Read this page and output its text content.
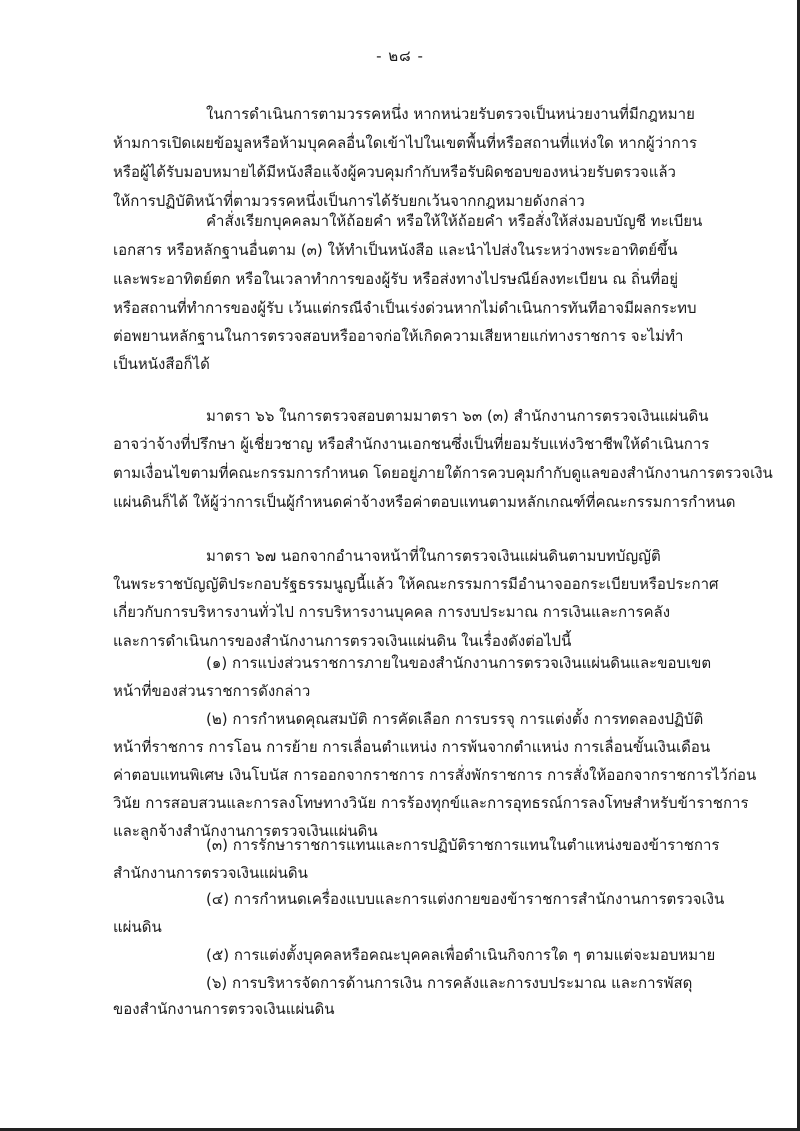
- ๒๘ -
ในการดำเนินการตามวรรคหนึ่ง หากหน่วยรับตรวจเป็นหน่วยงานที่มีกฎหมาย
ห้ามการเปิดเผยข้อมูลหรือห้ามบุคคลอื่นใดเข้าไปในเขตพื้นที่หรือสถานที่แห่งใด หากผู้ว่าการ
หรือผู้ได้รับมอบหมายได้มีหนังสือแจ้งผู้ควบคุมกำกับหรือรับผิดชอบของหน่วยรับตรวจแล้ว
ให้การปฏิบัติหน้าที่ตามวรรคหนึ่งเป็นการได้รับยกเว้นจากกฎหมายดังกล่าว
คำสั่งเรียกบุคคลมาให้ถ้อยคำ หรือให้ให้ถ้อยคำ หรือสั่งให้ส่งมอบบัญชี ทะเบียน
เอกสาร หรือหลักฐานอื่นตาม (๓) ให้ทำเป็นหนังสือ และนำไปส่งในระหว่างพระอาทิตย์ขึ้น
และพระอาทิตย์ตก หรือในเวลาทำการของผู้รับ หรือส่งทางไปรษณีย์ลงทะเบียน ณ ถิ่นที่อยู่
หรือสถานที่ทำการของผู้รับ เว้นแต่กรณีจำเป็นเร่งด่วนหากไม่ดำเนินการทันทีอาจมีผลกระทบ
ต่อพยานหลักฐานในการตรวจสอบหรืออาจก่อให้เกิดความเสียหายแก่ทางราชการ จะไม่ทำ
เป็นหนังสือก็ได้
มาตรา ๖๖ ในการตรวจสอบตามมาตรา ๖๓ (๓) สำนักงานการตรวจเงินแผ่นดิน
อาจว่าจ้างที่ปรึกษา ผู้เชี่ยวชาญ หรือสำนักงานเอกชนซึ่งเป็นที่ยอมรับแห่งวิชาชีพให้ดำเนินการ
ตามเงื่อนไขตามที่คณะกรรมการกำหนด โดยอยู่ภายใต้การควบคุมกำกับดูแลของสำนักงานการตรวจเงิน
แผ่นดินก็ได้ ให้ผู้ว่าการเป็นผู้กำหนดค่าจ้างหรือค่าตอบแทนตามหลักเกณฑ์ที่คณะกรรมการกำหนด
มาตรา ๖๗ นอกจากอำนาจหน้าที่ในการตรวจเงินแผ่นดินตามบทบัญญัติ
ในพระราชบัญญัติประกอบรัฐธรรมนูญนี้แล้ว ให้คณะกรรมการมีอำนาจออกระเบียบหรือประกาศ
เกี่ยวกับการบริหารงานทั่วไป การบริหารงานบุคคล การงบประมาณ การเงินและการคลัง
และการดำเนินการของสำนักงานการตรวจเงินแผ่นดิน ในเรื่องดังต่อไปนี้
(๑) การแบ่งส่วนราชการภายในของสำนักงานการตรวจเงินแผ่นดินและขอบเขต
หน้าที่ของส่วนราชการดังกล่าว
(๒) การกำหนดคุณสมบัติ การคัดเลือก การบรรจุ การแต่งตั้ง การทดลองปฏิบัติ
หน้าที่ราชการ การโอน การย้าย การเลื่อนตำแหน่ง การพ้นจากตำแหน่ง การเลื่อนขั้นเงินเดือน
ค่าตอบแทนพิเศษ เงินโบนัส การออกจากราชการ การสั่งพักราชการ การสั่งให้ออกจากราชการไว้ก่อน
วินัย การสอบสวนและการลงโทษทางวินัย การร้องทุกข์และการอุทธรณ์การลงโทษสำหรับข้าราชการ
และลูกจ้างสำนักงานการตรวจเงินแผ่นดิน
(๓) การรักษาราชการแทนและการปฏิบัติราชการแทนในตำแหน่งของข้าราชการ
สำนักงานการตรวจเงินแผ่นดิน
(๔) การกำหนดเครื่องแบบและการแต่งกายของข้าราชการสำนักงานการตรวจเงิน
แผ่นดิน
(๕) การแต่งตั้งบุคคลหรือคณะบุคคลเพื่อดำเนินกิจการใด ๆ ตามแต่จะมอบหมาย
(๖) การบริหารจัดการด้านการเงิน การคลังและการงบประมาณ และการพัสดุ
ของสำนักงานการตรวจเงินแผ่นดิน
